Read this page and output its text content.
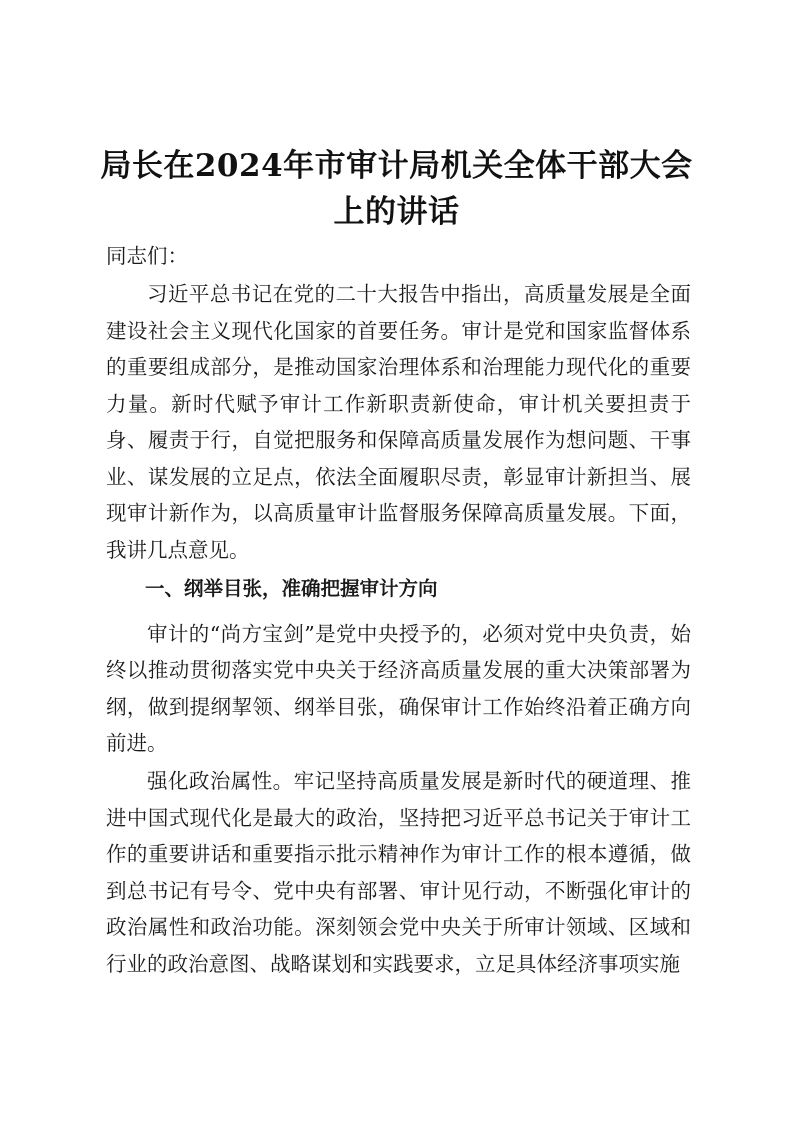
局长在2024年市审计局机关全体干部大会上的讲话

同志们：

习近平总书记在党的二十大报告中指出，高质量发展是全面建设社会主义现代化国家的首要任务。审计是党和国家监督体系的重要组成部分，是推动国家治理体系和治理能力现代化的重要力量。新时代赋予审计工作新职责新使命，审计机关要担责于身、履责于行，自觉把服务和保障高质量发展作为想问题、干事业、谋发展的立足点，依法全面履职尽责，彰显审计新担当、展现审计新作为，以高质量审计监督服务保障高质量发展。下面，我讲几点意见。

一、纲举目张，准确把握审计方向

审计的“尚方宝剑”是党中央授予的，必须对党中央负责，始终以推动贯彻落实党中央关于经济高质量发展的重大决策部署为纲，做到提纲挈领、纲举目张，确保审计工作始终沿着正确方向前进。

强化政治属性。牢记坚持高质量发展是新时代的硬道理、推进中国式现代化是最大的政治，坚持把习近平总书记关于审计工作的重要讲话和重要指示批示精神作为审计工作的根本遵循，做到总书记有号令、党中央有部署、审计见行动，不断强化审计的政治属性和政治功能。深刻领会党中央关于所审计领域、区域和行业的政治意图、战略谋划和实践要求，立足具体经济事项实施
